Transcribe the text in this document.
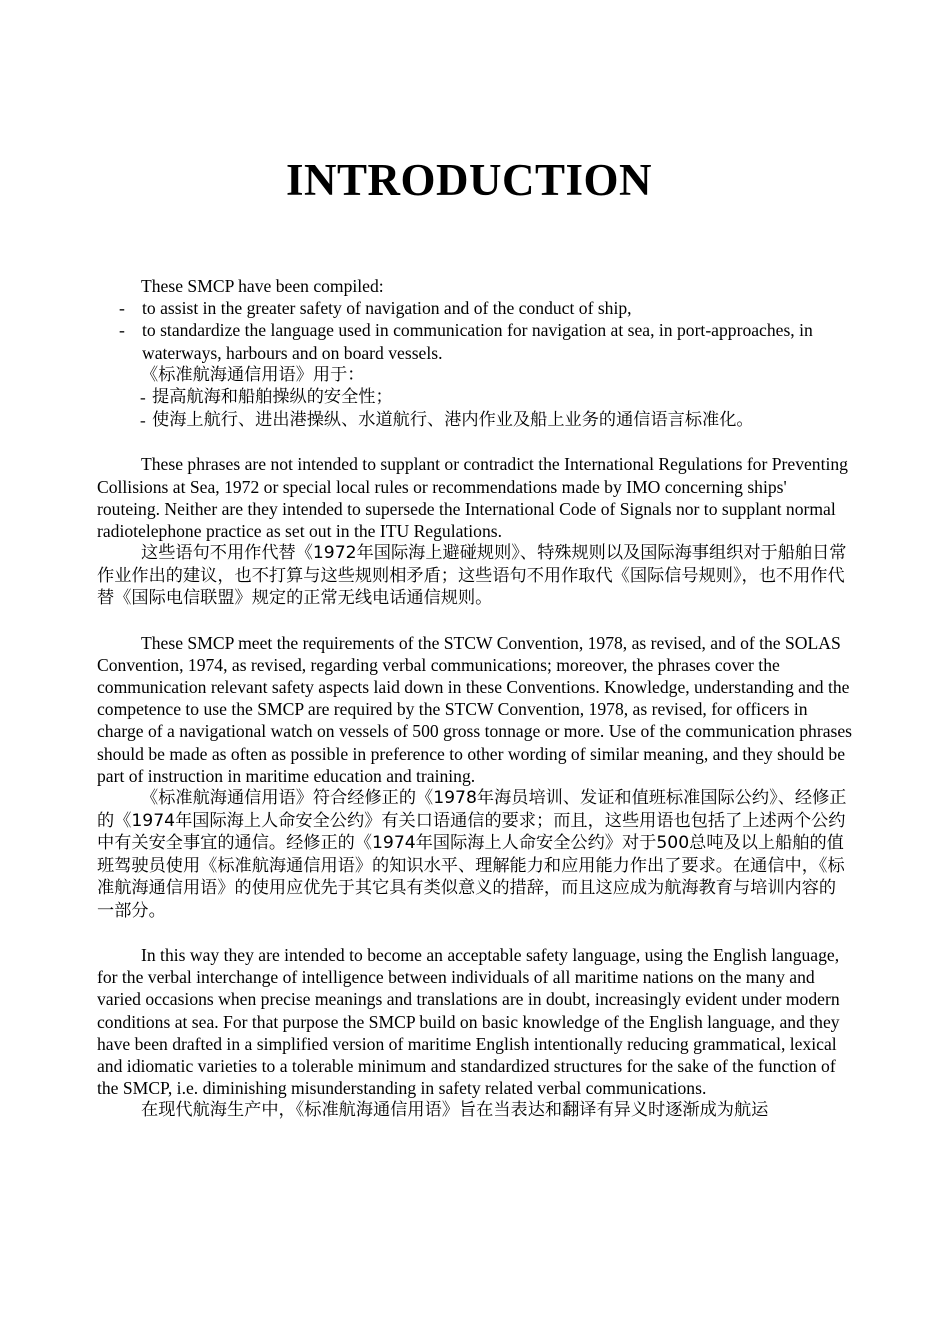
INTRODUCTION

These SMCP have been compiled:

- to assist in the greater safety of navigation and of the conduct of ship,
- to standardize the language used in communication for navigation at sea, in port-approaches, in waterways, harbours and on board vessels.

《标准航海通信用语》用于：

- 提高航海和船舶操纵的安全性；
- 使海上航行、进出港操纵、水道航行、港内作业及船上业务的通信语言标准化。

These phrases are not intended to supplant or contradict the International Regulations for Preventing Collisions at Sea, 1972 or special local rules or recommendations made by IMO concerning ships' routeing. Neither are they intended to supersede the International Code of Signals nor to supplant normal radiotelephone practice as set out in the ITU Regulations.

这些语句不用作代替《1972年国际海上避碰规则》、特殊规则以及国际海事组织对于船舶日常作业作出的建议，也不打算与这些规则相矛盾；这些语句不用作取代《国际信号规则》，也不用作代替《国际电信联盟》规定的正常无线电话通信规则。

These SMCP meet the requirements of the STCW Convention, 1978, as revised, and of the SOLAS Convention, 1974, as revised, regarding verbal communications; moreover, the phrases cover the communication relevant safety aspects laid down in these Conventions. Knowledge, understanding and the competence to use the SMCP are required by the STCW Convention, 1978, as revised, for officers in charge of a navigational watch on vessels of 500 gross tonnage or more. Use of the communication phrases should be made as often as possible in preference to other wording of similar meaning, and they should be part of instruction in maritime education and training.

《标准航海通信用语》符合经修正的《1978年海员培训、发证和值班标准国际公约》、经修正的《1974年国际海上人命安全公约》有关口语通信的要求；而且，这些用语也包括了上述两个公约中有关安全事宜的通信。经修正的《1974年国际海上人命安全公约》对于500总吨及以上船舶的值班驾驶员使用《标准航海通信用语》的知识水平、理解能力和应用能力作出了要求。在通信中，《标准航海通信用语》的使用应优先于其它具有类似意义的措辞，而且这应成为航海教育与培训内容的一部分。

In this way they are intended to become an acceptable safety language, using the English language, for the verbal interchange of intelligence between individuals of all maritime nations on the many and varied occasions when precise meanings and translations are in doubt, increasingly evident under modern conditions at sea. For that purpose the SMCP build on basic knowledge of the English language, and they have been drafted in a simplified version of maritime English intentionally reducing grammatical, lexical and idiomatic varieties to a tolerable minimum and standardized structures for the sake of the function of the SMCP, i.e. diminishing misunderstanding in safety related verbal communications.

在现代航海生产中，《标准航海通信用语》旨在当表达和翻译有异义时逐渐成为航运
